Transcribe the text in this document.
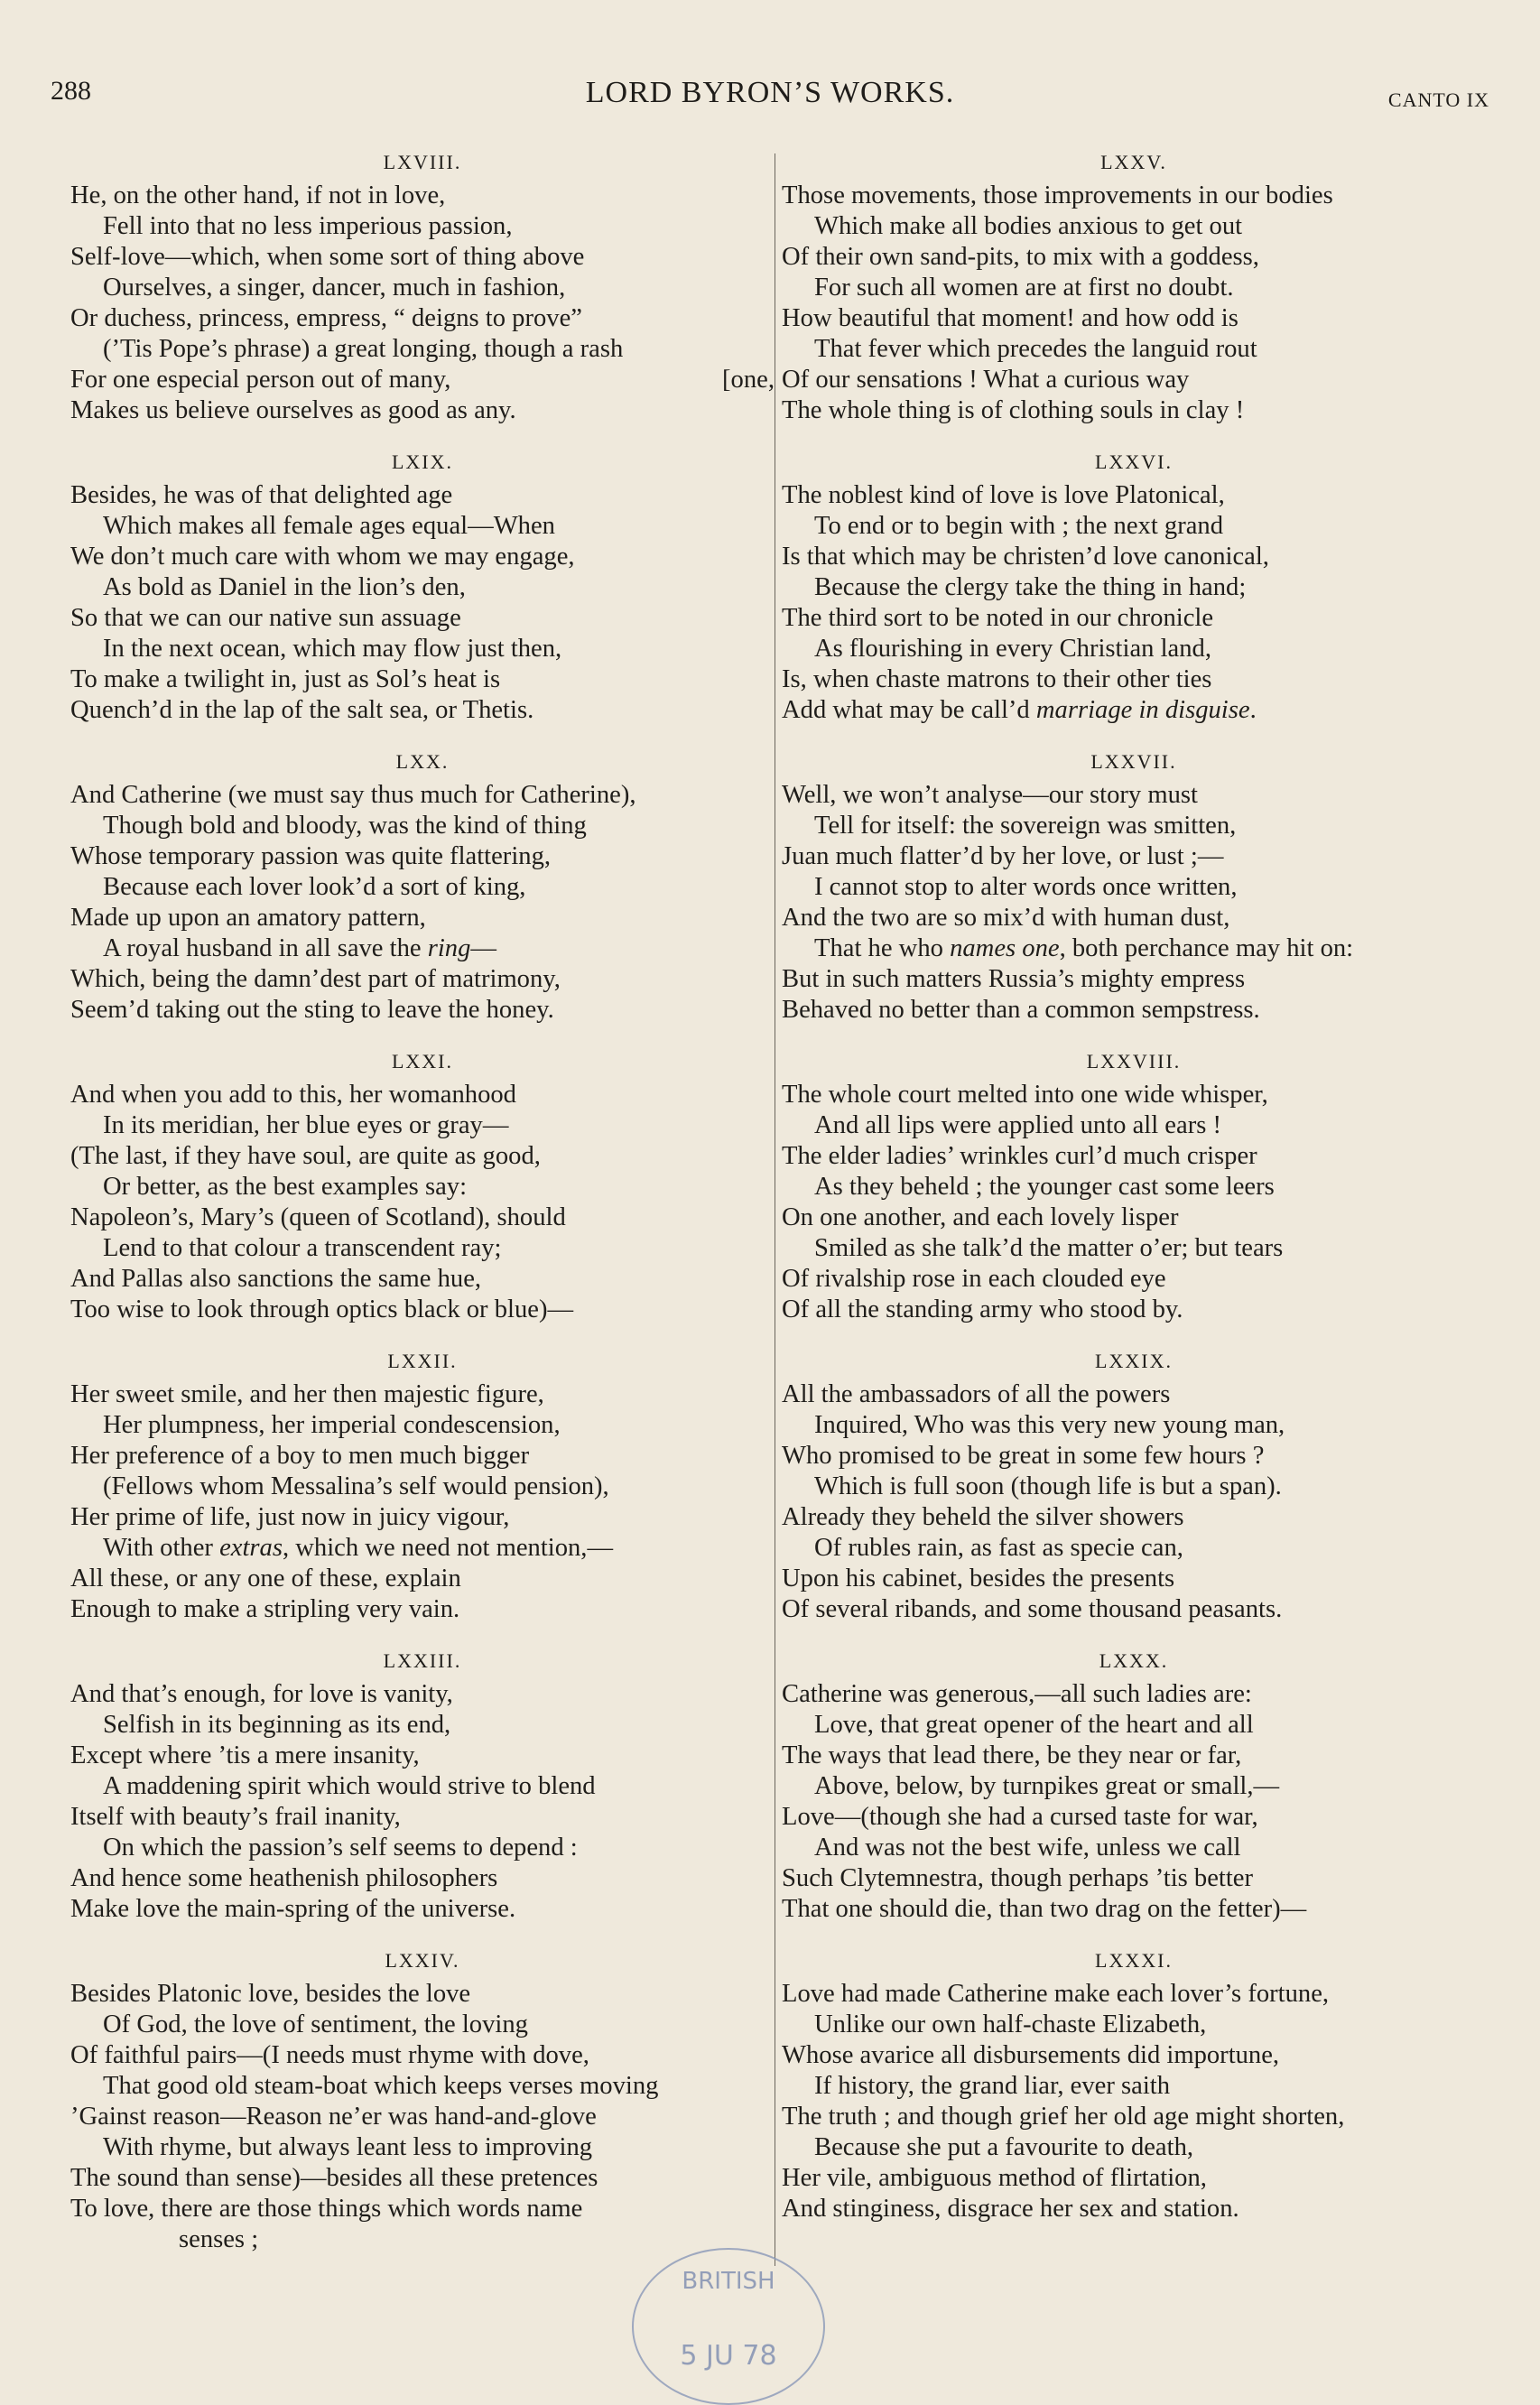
288	LORD BYRON’S WORKS.	CANTO IX
LXVIII.
He, on the other hand, if not in love,
Fell into that no less imperious passion,
Self-love—which, when some sort of thing above
Ourselves, a singer, dancer, much in fashion,
Or duchess, princess, empress, “ deigns to prove”
(’Tis Pope’s phrase) a great longing, though a rash
For one especial person out of many,	[one,
Makes us believe ourselves as good as any.
LXIX.
Besides, he was of that delighted age
Which makes all female ages equal—When
We don’t much care with whom we may engage,
As bold as Daniel in the lion’s den,
So that we can our native sun assuage
In the next ocean, which may flow just then,
To make a twilight in, just as Sol’s heat is
Quench’d in the lap of the salt sea, or Thetis.
LXX.
And Catherine (we must say thus much for Catherine),
Though bold and bloody, was the kind of thing
Whose temporary passion was quite flattering,
Because each lover look’d a sort of king,
Made up upon an amatory pattern,
A royal husband in all save the ring—
Which, being the damn’dest part of matrimony,
Seem’d taking out the sting to leave the honey.
LXXI.
And when you add to this, her womanhood
In its meridian, her blue eyes or gray—
(The last, if they have soul, are quite as good,
Or better, as the best examples say:
Napoleon’s, Mary’s (queen of Scotland), should
Lend to that colour a transcendent ray;
And Pallas also sanctions the same hue,
Too wise to look through optics black or blue)—
LXXII.
Her sweet smile, and her then majestic figure,
Her plumpness, her imperial condescension,
Her preference of a boy to men much bigger
(Fellows whom Messalina’s self would pension),
Her prime of life, just now in juicy vigour,
With other extras, which we need not mention,—
All these, or any one of these, explain
Enough to make a stripling very vain.
LXXIII.
And that’s enough, for love is vanity,
Selfish in its beginning as its end,
Except where ’tis a mere insanity,
A maddening spirit which would strive to blend
Itself with beauty’s frail inanity,
On which the passion’s self seems to depend :
And hence some heathenish philosophers
Make love the main-spring of the universe.
LXXIV.
Besides Platonic love, besides the love
Of God, the love of sentiment, the loving
Of faithful pairs—(I needs must rhyme with dove,
That good old steam-boat which keeps verses moving
’Gainst reason—Reason ne’er was hand-and-glove
With rhyme, but always leant less to improving
The sound than sense)—besides all these pretences
To love, there are those things which words name
senses ;
LXXV.
Those movements, those improvements in our bodies
Which make all bodies anxious to get out
Of their own sand-pits, to mix with a goddess,
For such all women are at first no doubt.
How beautiful that moment! and how odd is
That fever which precedes the languid rout
Of our sensations ! What a curious way
The whole thing is of clothing souls in clay !
LXXVI.
The noblest kind of love is love Platonical,
To end or to begin with ; the next grand
Is that which may be christen’d love canonical,
Because the clergy take the thing in hand;
The third sort to be noted in our chronicle
As flourishing in every Christian land,
Is, when chaste matrons to their other ties
Add what may be call’d marriage in disguise.
LXXVII.
Well, we won’t analyse—our story must
Tell for itself: the sovereign was smitten,
Juan much flatter’d by her love, or lust ;—
I cannot stop to alter words once written,
And the two are so mix’d with human dust,
That he who names one, both perchance may hit on:
But in such matters Russia’s mighty empress
Behaved no better than a common sempstress.
LXXVIII.
The whole court melted into one wide whisper,
And all lips were applied unto all ears !
The elder ladies’ wrinkles curl’d much crisper
As they beheld ; the younger cast some leers
On one another, and each lovely lisper
Smiled as she talk’d the matter o’er; but tears
Of rivalship rose in each clouded eye
Of all the standing army who stood by.
LXXIX.
All the ambassadors of all the powers
Inquired, Who was this very new young man,
Who promised to be great in some few hours ?
Which is full soon (though life is but a span).
Already they beheld the silver showers
Of rubles rain, as fast as specie can,
Upon his cabinet, besides the presents
Of several ribands, and some thousand peasants.
LXXX.
Catherine was generous,—all such ladies are:
Love, that great opener of the heart and all
The ways that lead there, be they near or far,
Above, below, by turnpikes great or small,—
Love—(though she had a cursed taste for war,
And was not the best wife, unless we call
Such Clytemnestra, though perhaps ’tis better
That one should die, than two drag on the fetter)—
LXXXI.
Love had made Catherine make each lover’s fortune,
Unlike our own half-chaste Elizabeth,
Whose avarice all disbursements did importune,
If history, the grand liar, ever saith
The truth ; and though grief her old age might shorten,
Because she put a favourite to death,
Her vile, ambiguous method of flirtation,
And stinginess, disgrace her sex and station.
BRITISH
5 JU 78
